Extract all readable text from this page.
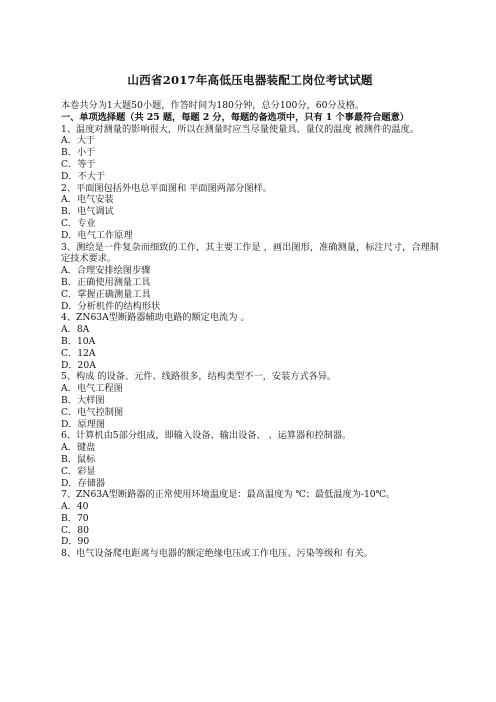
山西省2017年高低压电器装配工岗位考试试题
本卷共分为1大题50小题，作答时间为180分钟，总分100分，60分及格。
一、单项选择题（共 25 题，每题 2 分，每题的备选项中，只有 1 个事最符合题意）
1、温度对测量的影响很大，所以在测量时应当尽量使量具、量仪的温度 被测件的温度。
A．大于
B．小于
C．等于
D．不大于
2、平面图包括外电总平面图和 平面图两部分图样。
A．电气安装
B．电气调试
C．专业
D．电气工作原理
3、测绘是一件复杂而细致的工作，其主要工作是 ，画出图形，准确测量，标注尺寸，合理制定技术要求。
A．合理安排绘图步骤
B．正确使用测量工具
C．掌握正确测量工具
D．分析机件的结构形状
4、ZN63A型断路器辅助电路的额定电流为 。
A．8A
B．10A
C．12A
D．20A
5、构成 的设备、元件、线路很多，结构类型不一，安装方式各异。
A．电气工程图
B．大样图
C．电气控制图
D．原理图
6、计算机由5部分组成，即输入设备、输出设备、 、运算器和控制器。
A．键盘
B．鼠标
C．彩显
D．存储器
7、ZN63A型断路器的正常使用环境温度是：最高温度为 ℃；最低温度为-10℃。
A．40
B．70
C．80
D．90
8、电气设备爬电距离与电器的额定绝缘电压或工作电压、污染等级和 有关。
